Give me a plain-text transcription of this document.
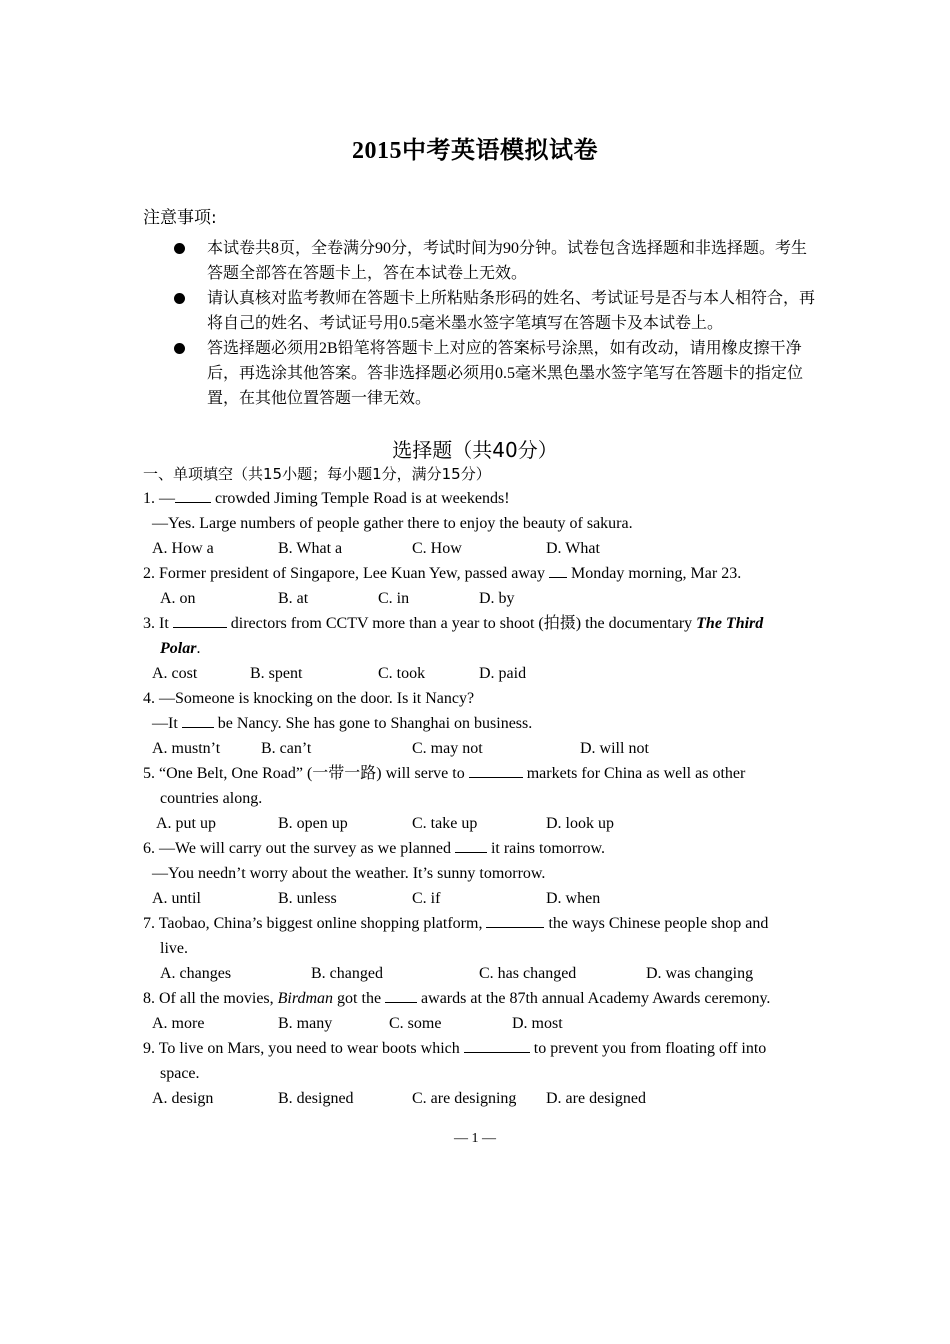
2015中考英语模拟试卷
注意事项:
本试卷共8页，全卷满分90分，考试时间为90分钟。试卷包含选择题和非选择题。考生答题全部答在答题卡上，答在本试卷上无效。
请认真核对监考教师在答题卡上所粘贴条形码的姓名、考试证号是否与本人相符合，再将自己的姓名、考试证号用0.5毫米墨水签字笔填写在答题卡及本试卷上。
答选择题必须用2B铅笔将答题卡上对应的答案标号涂黑，如有改动，请用橡皮擦干净后，再选涂其他答案。答非选择题必须用0.5毫米黑色墨水签字笔写在答题卡的指定位置，在其他位置答题一律无效。
选择题（共40分）
一、单项填空（共15小题；每小题1分，满分15分）
1. — crowded Jiming Temple Road is at weekends!
—Yes. Large numbers of people gather there to enjoy the beauty of sakura.
A. How a	B. What a	C. How	D. What
2. Former president of Singapore, Lee Kuan Yew, passed away  Monday morning, Mar 23.
A. on	B. at	C. in	D. by
3. It	directors from CCTV more than a year to shoot (拍摄) the documentary The Third
Polar.
A. cost	B. spent	C. took	D. paid
4. —Someone is knocking on the door. Is it Nancy?
—It  be Nancy. She has gone to Shanghai on business.
A. mustn’t	B. can’t	C. may not	D. will not
5. “One Belt, One Road” (一带一路) will serve to	markets for China as well as other
countries along.
A. put up	B. open up	C. take up	D. look up
6. —We will carry out the survey as we planned  it rains tomorrow.
—You needn’t worry about the weather. It’s sunny tomorrow.
A. until	B. unless	C. if	D. when
7. Taobao, China’s biggest online shopping platform,	the ways Chinese people shop and
live.
A. changes	B. changed	C. has changed	D. was changing
8. Of all the movies, Birdman got the  awards at the 87th annual Academy Awards ceremony.
A. more	B. many	C. some	D. most
9. To live on Mars, you need to wear boots which	to prevent you from floating off into
space.
A. design	B. designed	C. are designing D. are designed
— 1 —
